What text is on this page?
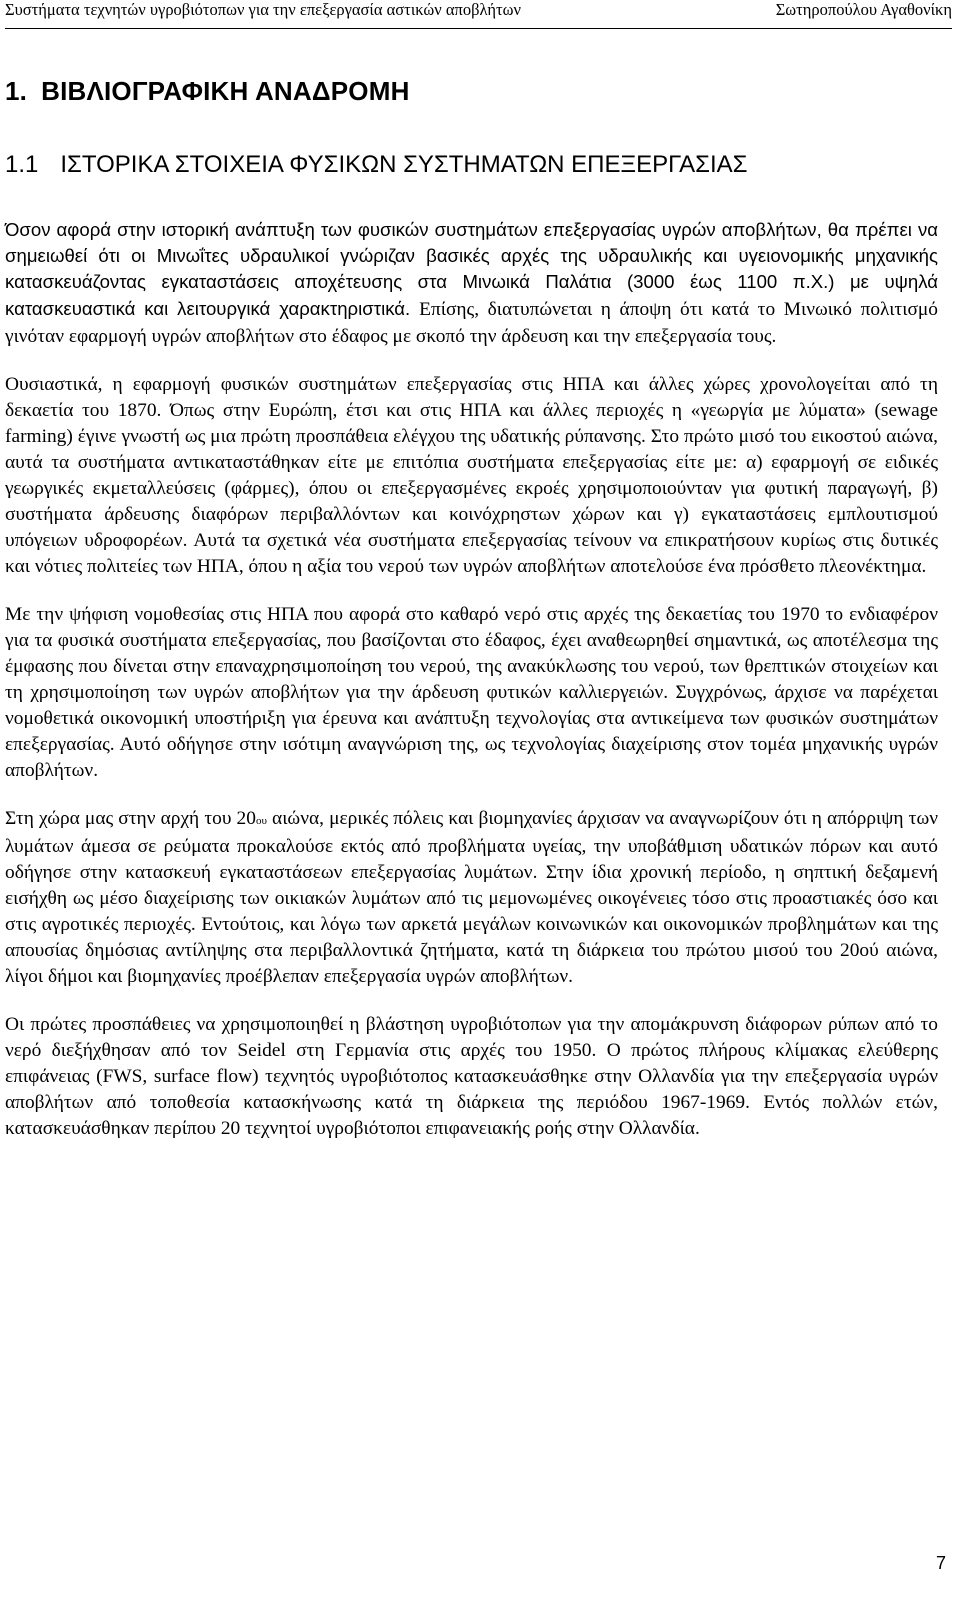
Συστήματα τεχνητών υγροβιότοπων για την επεξεργασία αστικών αποβλήτων	Σωτηροπούλου Αγαθονίκη
1. ΒΙΒΛΙΟΓΡΑΦΙΚΗ ΑΝΑΔΡΟΜΗ
1.1 ΙΣΤΟΡΙΚΑ ΣΤΟΙΧΕΙΑ ΦΥΣΙΚΩΝ ΣΥΣΤΗΜΑΤΩΝ ΕΠΕΞΕΡΓΑΣΙΑΣ

Όσον αφορά στην ιστορική ανάπτυξη των φυσικών συστημάτων επεξεργασίας υγρών αποβλήτων, θα πρέπει να σημειωθεί ότι οι Μινωΐτες υδραυλικοί γνώριζαν βασικές αρχές της υδραυλικής και υγειονομικής μηχανικής κατασκευάζοντας εγκαταστάσεις αποχέτευσης στα Μινωικά Παλάτια (3000 έως 1100 π.Χ.) με υψηλά κατασκευαστικά και λειτουργικά χαρακτηριστικά. Επίσης, διατυπώνεται η άποψη ότι κατά το Μινωικό πολιτισμό γινόταν εφαρμογή υγρών αποβλήτων στο έδαφος με σκοπό την άρδευση και την επεξεργασία τους.

Ουσιαστικά, η εφαρμογή φυσικών συστημάτων επεξεργασίας στις ΗΠΑ και άλλες χώρες χρονολογείται από τη δεκαετία του 1870. Όπως στην Ευρώπη, έτσι και στις ΗΠΑ και άλλες περιοχές η «γεωργία με λύματα» (sewage farming) έγινε γνωστή ως μια πρώτη προσπάθεια ελέγχου της υδατικής ρύπανσης. Στο πρώτο μισό του εικοστού αιώνα, αυτά τα συστήματα αντικαταστάθηκαν είτε με επιτόπια συστήματα επεξεργασίας είτε με: α) εφαρμογή σε ειδικές γεωργικές εκμεταλλεύσεις (φάρμες), όπου οι επεξεργασμένες εκροές χρησιμοποιούνταν για φυτική παραγωγή, β) συστήματα άρδευσης διαφόρων περιβαλλόντων και κοινόχρηστων χώρων και γ) εγκαταστάσεις εμπλουτισμού υπόγειων υδροφορέων. Αυτά τα σχετικά νέα συστήματα επεξεργασίας τείνουν να επικρατήσουν κυρίως στις δυτικές και νότιες πολιτείες των ΗΠΑ, όπου η αξία του νερού των υγρών αποβλήτων αποτελούσε ένα πρόσθετο πλεονέκτημα.

Με την ψήφιση νομοθεσίας στις ΗΠΑ που αφορά στο καθαρό νερό στις αρχές της δεκαετίας του 1970 το ενδιαφέρον για τα φυσικά συστήματα επεξεργασίας, που βασίζονται στο έδαφος, έχει αναθεωρηθεί σημαντικά, ως αποτέλεσμα της έμφασης που δίνεται στην επαναχρησιμοποίηση του νερού, της ανακύκλωσης του νερού, των θρεπτικών στοιχείων και τη χρησιμοποίηση των υγρών αποβλήτων για την άρδευση φυτικών καλλιεργειών. Συγχρόνως, άρχισε να παρέχεται νομοθετικά οικονομική υποστήριξη για έρευνα και ανάπτυξη τεχνολογίας στα αντικείμενα των φυσικών συστημάτων επεξεργασίας. Αυτό οδήγησε στην ισότιμη αναγνώριση της, ως τεχνολογίας διαχείρισης στον τομέα μηχανικής υγρών αποβλήτων.

Στη χώρα μας στην αρχή του 20ου αιώνα, μερικές πόλεις και βιομηχανίες άρχισαν να αναγνωρίζουν ότι η απόρριψη των λυμάτων άμεσα σε ρεύματα προκαλούσε εκτός από προβλήματα υγείας, την υποβάθμιση υδατικών πόρων και αυτό οδήγησε στην κατασκευή εγκαταστάσεων επεξεργασίας λυμάτων. Στην ίδια χρονική περίοδο, η σηπτική δεξαμενή εισήχθη ως μέσο διαχείρισης των οικιακών λυμάτων από τις μεμονωμένες οικογένειες τόσο στις προαστιακές όσο και στις αγροτικές περιοχές. Εντούτοις, και λόγω των αρκετά μεγάλων κοινωνικών και οικονομικών προβλημάτων και της απουσίας δημόσιας αντίληψης στα περιβαλλοντικά ζητήματα, κατά τη διάρκεια του πρώτου μισού του 20ού αιώνα, λίγοι δήμοι και βιομηχανίες προέβλεπαν επεξεργασία υγρών αποβλήτων.

Οι πρώτες προσπάθειες να χρησιμοποιηθεί η βλάστηση υγροβιότοπων για την απομάκρυνση διάφορων ρύπων από το νερό διεξήχθησαν από τον Seidel στη Γερμανία στις αρχές του 1950. Ο πρώτος πλήρους κλίμακας ελεύθερης επιφάνειας (FWS, surface flow) τεχνητός υγροβιότοπος κατασκευάσθηκε στην Ολλανδία για την επεξεργασία υγρών αποβλήτων από τοποθεσία κατασκήνωσης κατά τη διάρκεια της περιόδου 1967-1969. Εντός πολλών ετών, κατασκευάσθηκαν περίπου 20 τεχνητοί υγροβιότοποι επιφανειακής ροής στην Ολλανδία.

7
